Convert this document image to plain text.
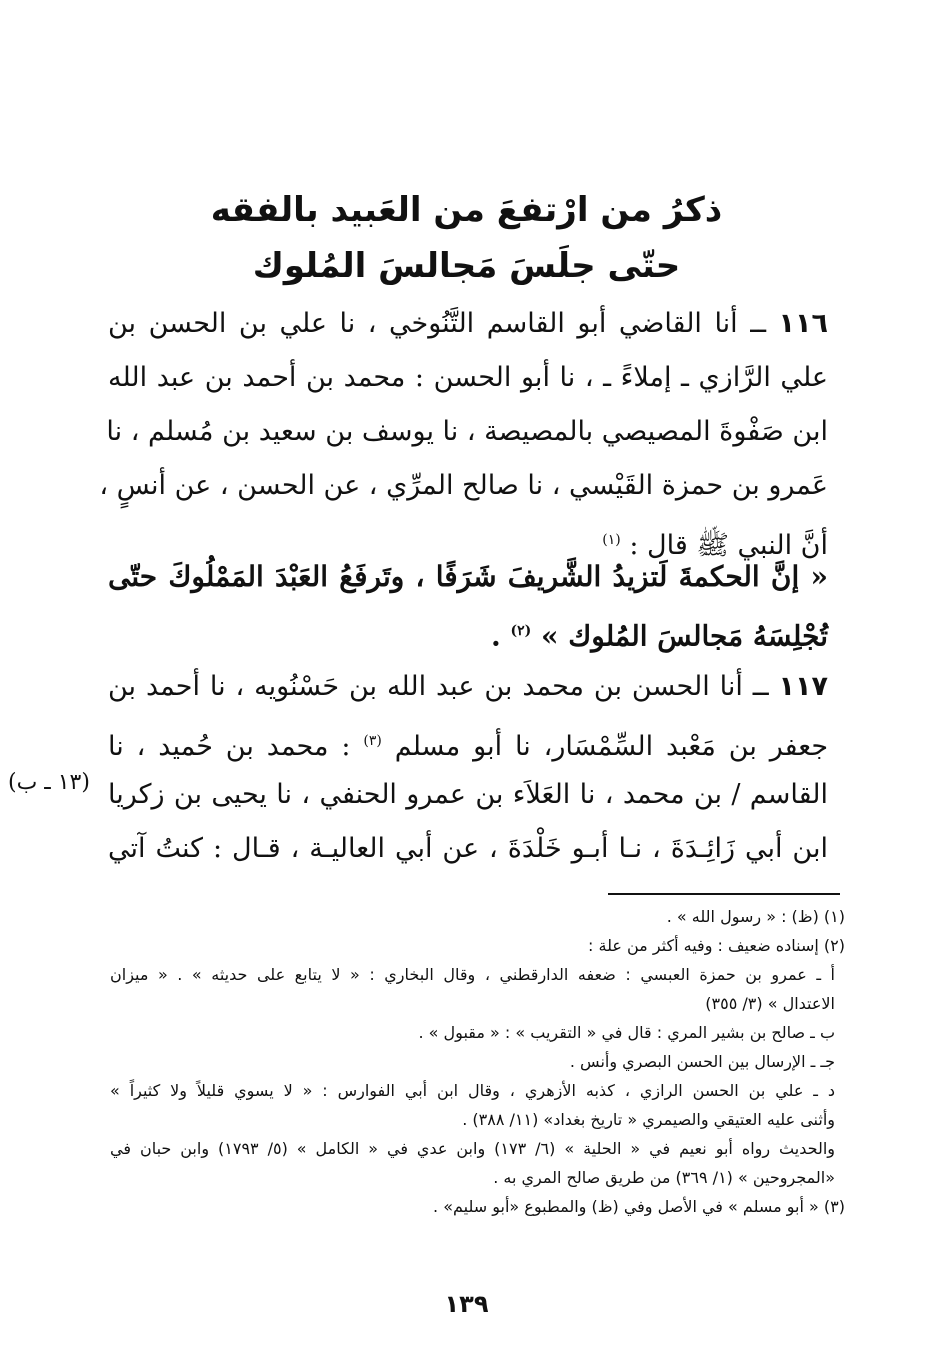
ذكرُ من ارْتفعَ من العَبيد بالفقه

حتّى جلَسَ مَجالسَ المُلوك

١١٦ ــ أنا القاضي أبو القاسم التَّنُوخي ، نا علي بن الحسن بن
علي الرَّازي ـ إملاءً ـ ، نا أبو الحسن : محمد بن أحمد بن عبد الله
ابن صَفْوةَ المصيصي بالمصيصة ، نا يوسف بن سعيد بن مُسلم ، نا
عَمرو بن حمزة القَيْسي ، نا صالح المرِّي ، عن الحسن ، عن أنسٍ ،
أنَّ النبي ﷺ قال : $^{(١)}$
« إنَّ الحكمةَ لَتزيدُ الشَّريفَ شَرَفًا ، وتَرفَعُ العَبْدَ المَمْلُوكَ حتّى
تُجْلِسَهُ مَجالسَ المُلوك » $^{(٢)}$ .
١١٧ ــ أنا الحسن بن محمد بن عبد الله بن حَسْنُويه ، نا أحمد بن
جعفر بن مَعْبد السِّمْسَار، نا أبو مسلم $^{(٣)}$ : محمد بن حُميد ، نا
القاسم / بن محمد ، نا العَلاَء بن عمرو الحنفي ، نا يحيى بن زكريا
ابن أبي زَائِـدَةَ ، نـا أبـو خَلْدَةَ ، عن أبي العاليـة ، قـال : كنتُ آتي
(١٣ ـ ب)
(١) (ظ) : « رسول الله » .
(٢) إسناده ضعيف : وفيه أكثر من علة :
أ ـ عمرو بن حمزة العبسي : ضعفه الدارقطني ، وقال البخاري : « لا يتابع على حديثه » . « ميزان
الاعتدال » (٣/ ٣٥٥)
ب ـ صالح بن بشير المري : قال في « التقريب » : « مقبول » .
جـ ـ الإرسال بين الحسن البصري وأنس .
د ـ علي بن الحسن الرازي ، كذبه الأزهري ، وقال ابن أبي الفوارس : « لا يسوي قليلاً ولا كثيراً »
وأثنى عليه العتيقي والصيمري « تاريخ بغداد» (١١/ ٣٨٨) .
والحديث رواه أبو نعيم في « الحلية » (٦/ ١٧٣) وابن عدي في « الكامل » (٥/ ١٧٩٣) وابن حبان في
«المجروحين » (١/ ٣٦٩) من طريق صالح المري به .
(٣) « أبو مسلم » في الأصل وفي (ظ) والمطبوع «أبو سليم» .
١٣٩
